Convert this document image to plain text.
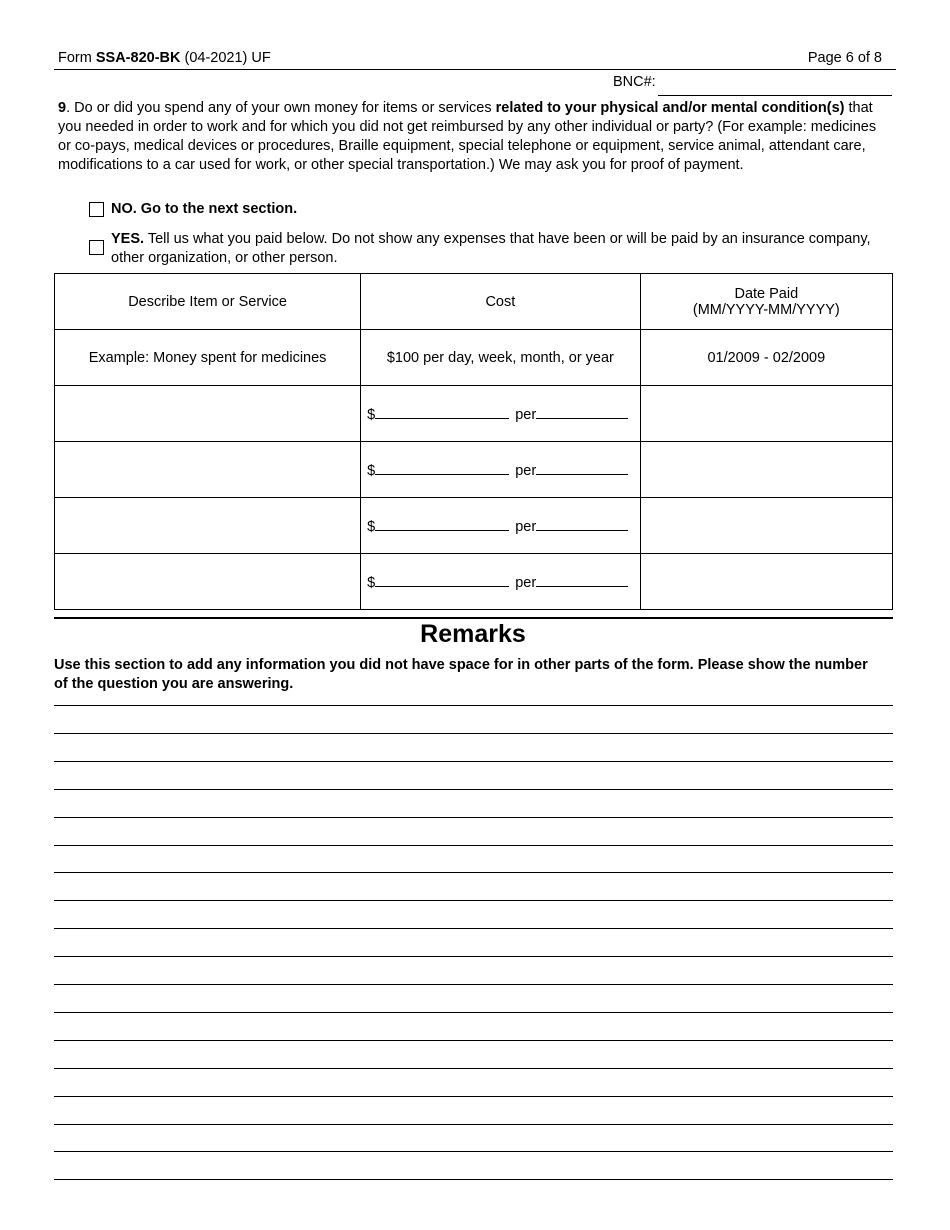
Form SSA-820-BK (04-2021) UF	Page 6 of 8
BNC#:
9. Do or did you spend any of your own money for items or services related to your physical and/or mental condition(s) that you needed in order to work and for which you did not get reimbursed by any other individual or party? (For example: medicines or co-pays, medical devices or procedures, Braille equipment, special telephone or equipment, service animal, attendant care, modifications to a car used for work, or other special transportation.) We may ask you for proof of payment.
NO. Go to the next section.
YES. Tell us what you paid below. Do not show any expenses that have been or will be paid by an insurance company, other organization, or other person.
Describe Item or Service	Cost	Date Paid
(MM/YYYY-MM/YYYY)

Example: Money spent for medicines	$100 per day, week, month, or year	01/2009 - 02/2009
	$ per	
	$ per	
	$ per	
	$ per	
Remarks
Use this section to add any information you did not have space for in other parts of the form. Please show the number of the question you are answering.
